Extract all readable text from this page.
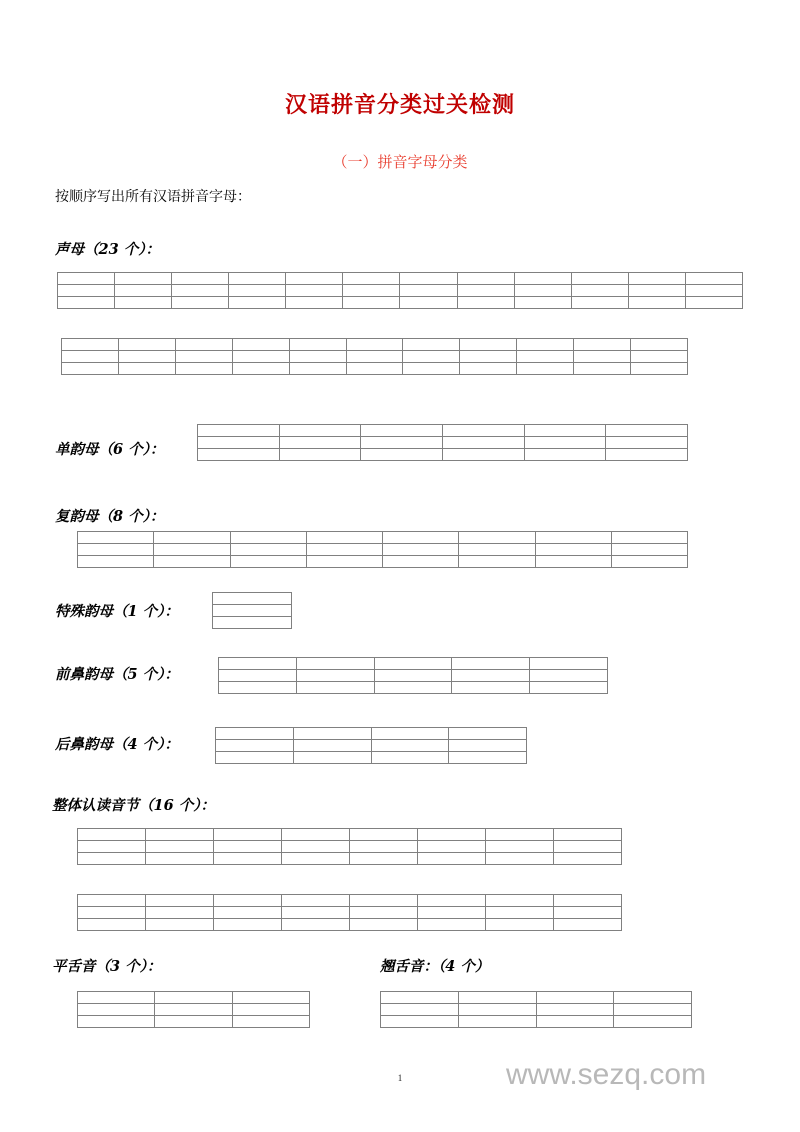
汉语拼音分类过关检测
（一）拼音字母分类
按顺序写出所有汉语拼音字母：
声母（23 个）：

单韵母（6 个）：

复韵母（8 个）：

特殊韵母（1 个）：

前鼻韵母（5 个）：

后鼻韵母（4 个）：

整体认读音节（16 个）：

平舌音（3 个）：

			翘舌音：（4 个）

1	www.sezq.com
